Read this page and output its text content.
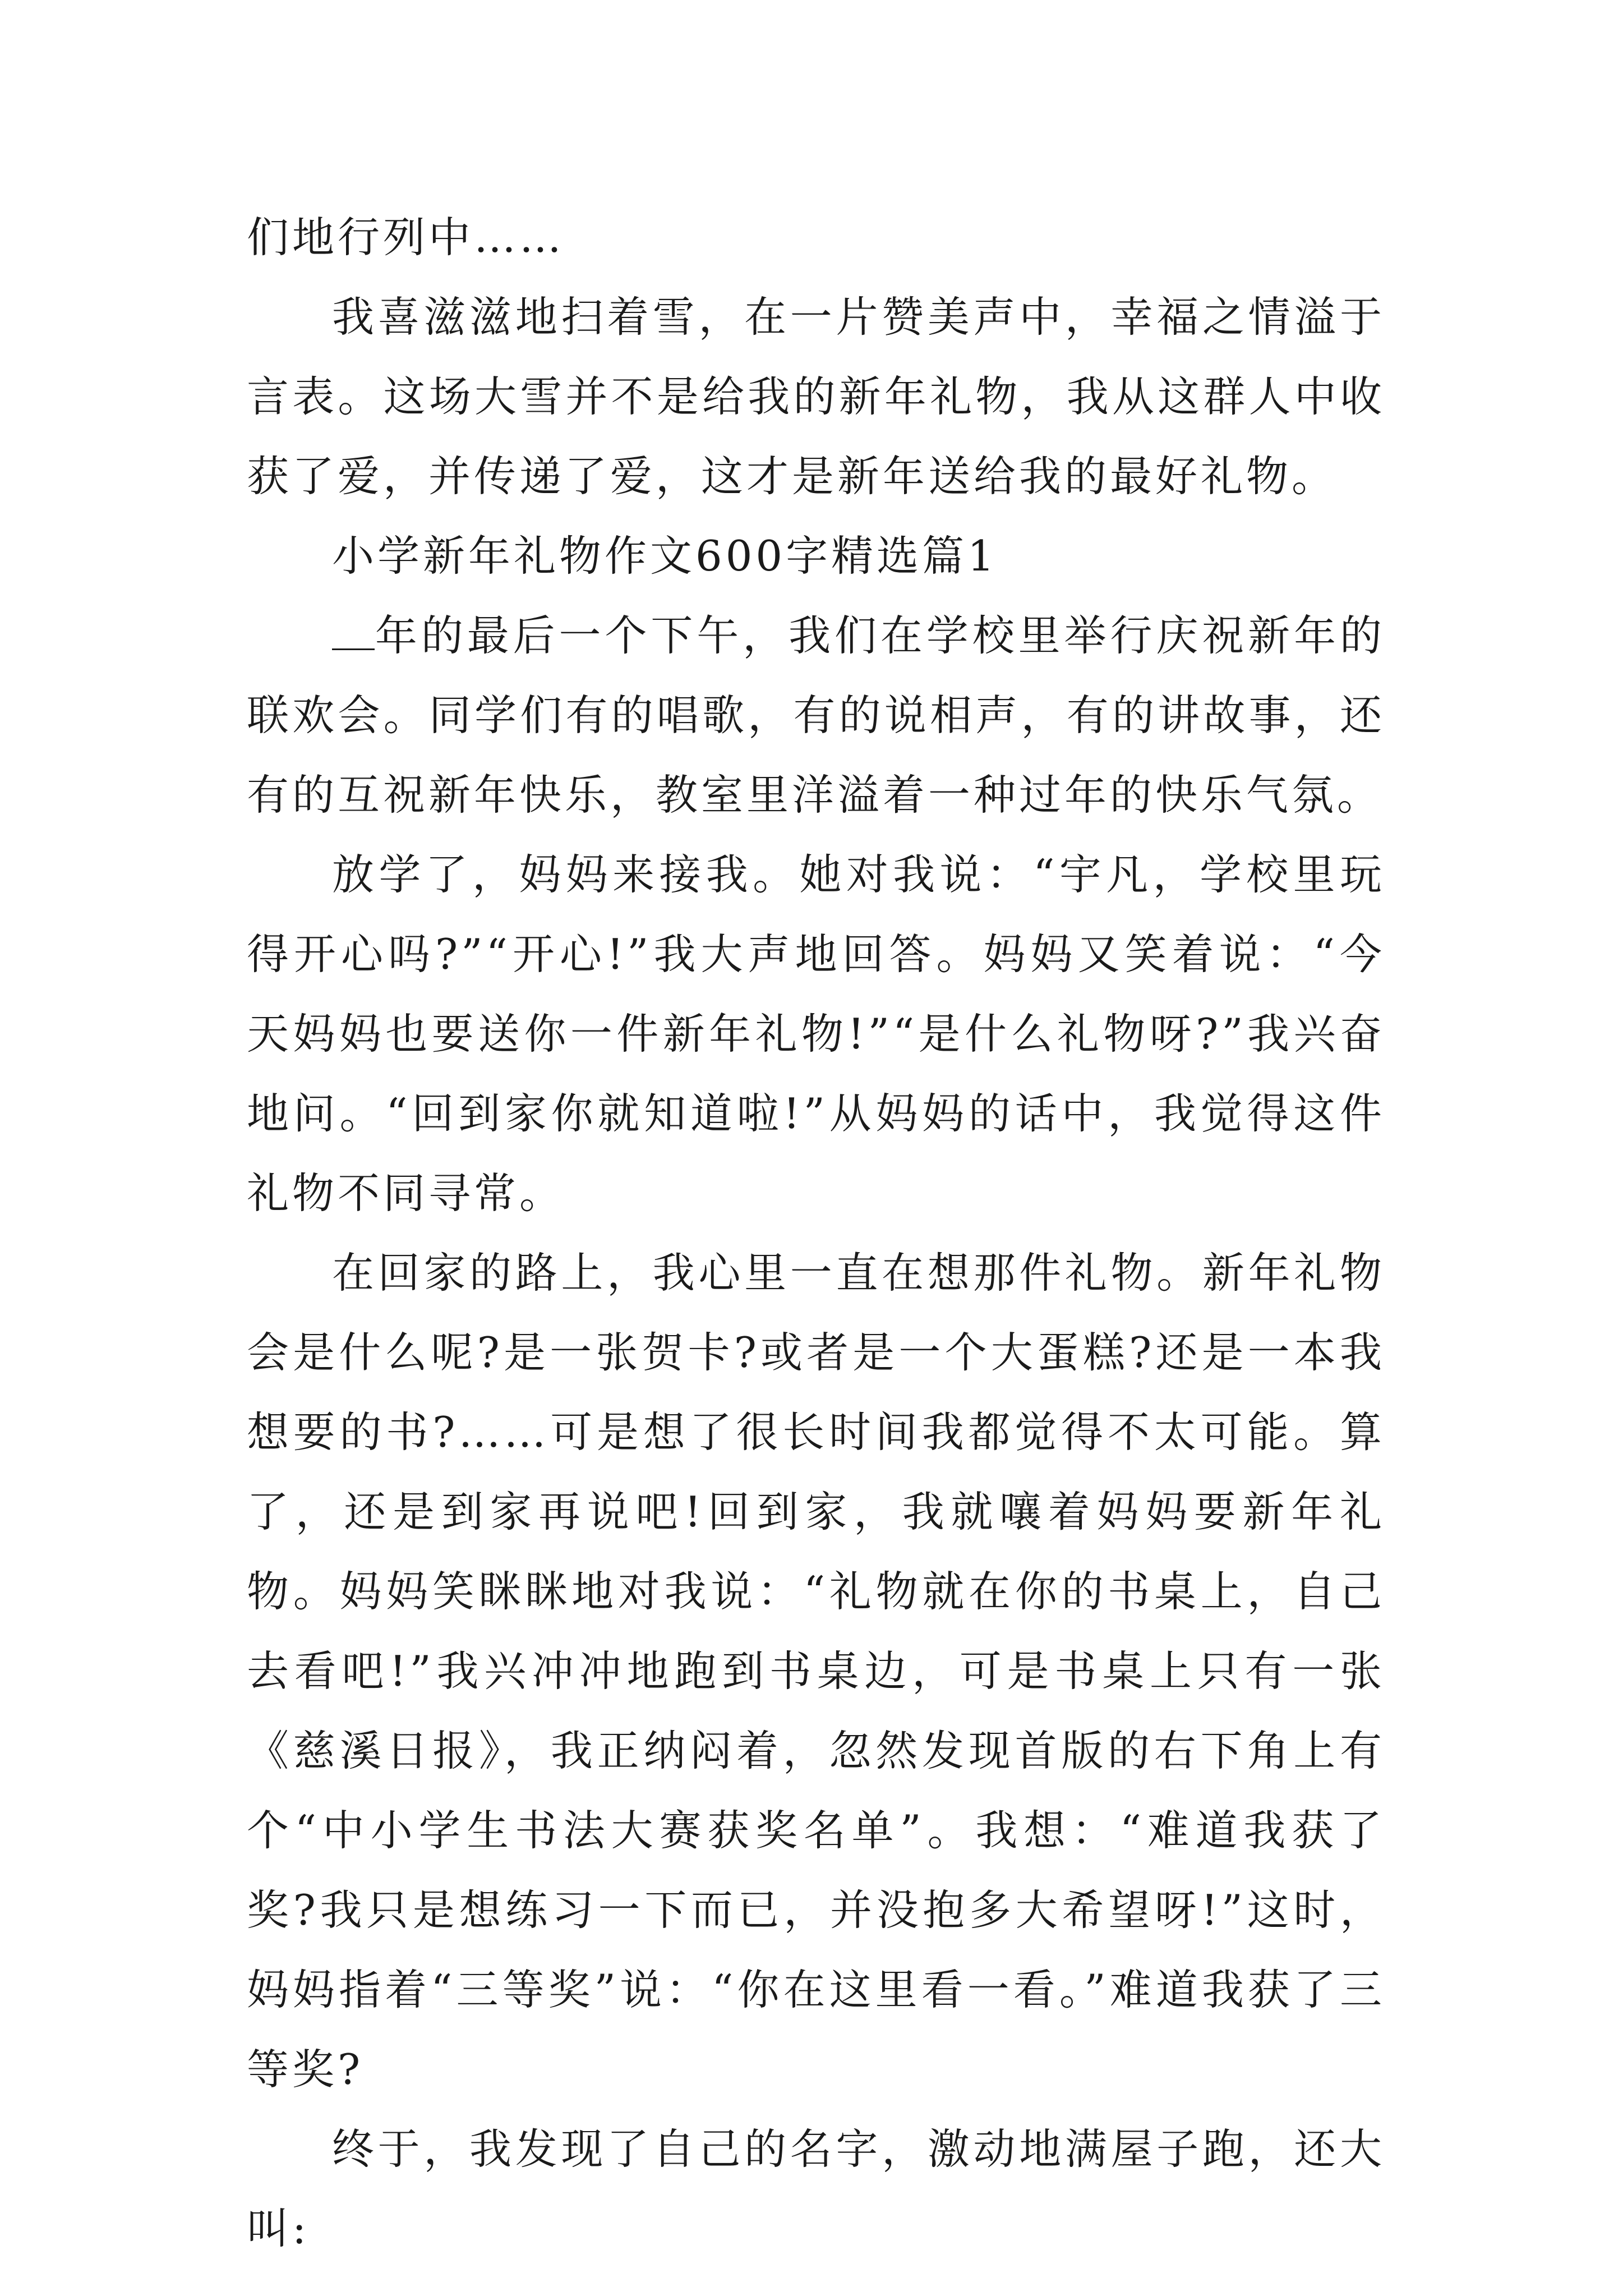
们地行列中……

我喜滋滋地扫着雪，在一片赞美声中，幸福之情溢于言表。这场大雪并不是给我的新年礼物，我从这群人中收获了爱，并传递了爱，这才是新年送给我的最好礼物。

小学新年礼物作文600字精选篇1

年的最后一个下午，我们在学校里举行庆祝新年的联欢会。同学们有的唱歌，有的说相声，有的讲故事，还有的互祝新年快乐，教室里洋溢着一种过年的快乐气氛。

放学了，妈妈来接我。她对我说：“宇凡，学校里玩得开心吗?”“开心!”我大声地回答。妈妈又笑着说：“今天妈妈也要送你一件新年礼物!”“是什么礼物呀?”我兴奋地问。“回到家你就知道啦!”从妈妈的话中，我觉得这件礼物不同寻常。

在回家的路上，我心里一直在想那件礼物。新年礼物会是什么呢?是一张贺卡?或者是一个大蛋糕?还是一本我想要的书?……可是想了很长时间我都觉得不太可能。算了，还是到家再说吧!回到家，我就嚷着妈妈要新年礼物。妈妈笑眯眯地对我说：“礼物就在你的书桌上，自己去看吧!”我兴冲冲地跑到书桌边，可是书桌上只有一张《慈溪日报》，我正纳闷着，忽然发现首版的右下角上有个“中小学生书法大赛获奖名单”。我想：“难道我获了奖?我只是想练习一下而已，并没抱多大希望呀!”这时，妈妈指着“三等奖”说：“你在这里看一看。”难道我获了三等奖?

终于，我发现了自己的名字，激动地满屋子跑，还大叫:
